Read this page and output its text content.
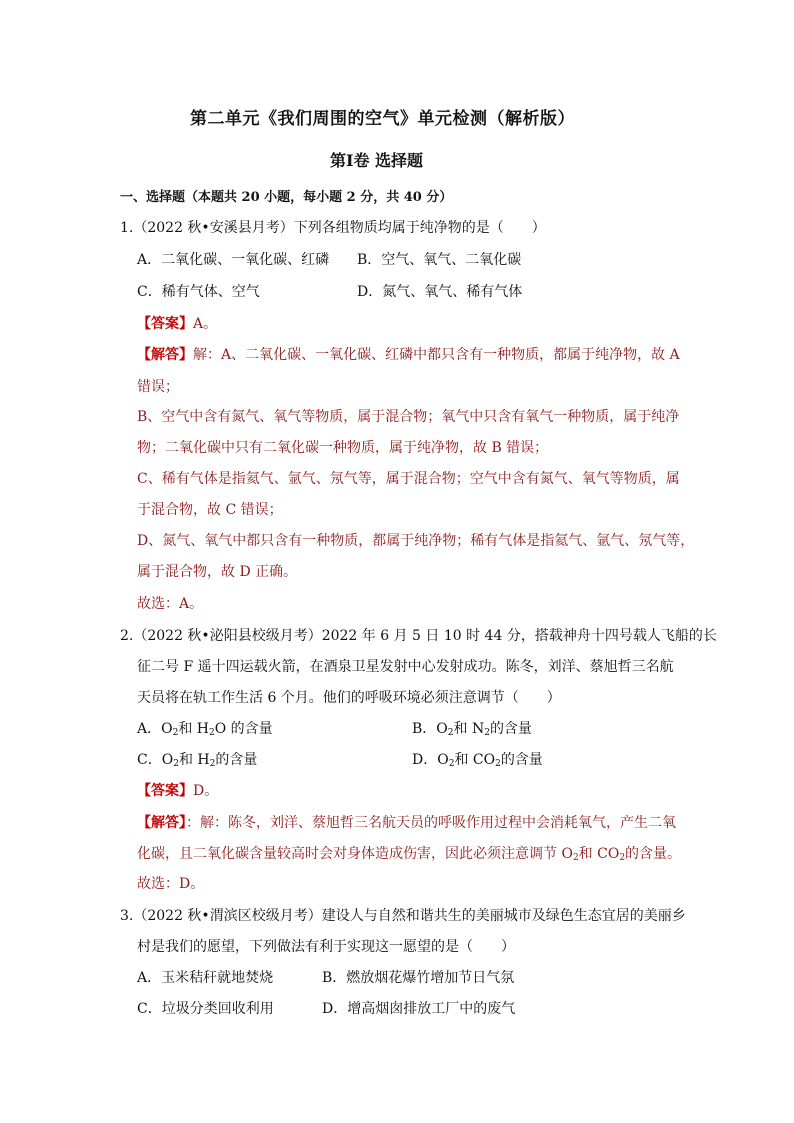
第二单元《我们周围的空气》单元检测（解析版）
第Ⅰ卷 选择题
一、选择题（本题共 20 小题，每小题 2 分，共 40 分）
1.（2022 秋•安溪县月考）下列各组物质均属于纯净物的是（　　）
A．二氧化碳、一氧化碳、红磷 B．空气、氧气、二氧化碳
C．稀有气体、空气	D．氮气、氧气、稀有气体
【答案】A。
【解答】解：A、二氧化碳、一氧化碳、红磷中都只含有一种物质，都属于纯净物，故 A
错误；
B、空气中含有氮气、氧气等物质，属于混合物；氧气中只含有氧气一种物质，属于纯净
物；二氧化碳中只有二氧化碳一种物质，属于纯净物，故 B 错误；
C、稀有气体是指氦气、氩气、氖气等，属于混合物；空气中含有氮气、氧气等物质，属
于混合物，故 C 错误；
D、氮气、氧气中都只含有一种物质，都属于纯净物；稀有气体是指氦气、氩气、氖气等，
属于混合物，故 D 正确。
故选：A。
2.（2022 秋•泌阳县校级月考）2022 年 6 月 5 日 10 时 44 分，搭载神舟十四号载人飞船的长
征二号 F 遥十四运载火箭，在酒泉卫星发射中心发射成功。陈冬，刘洋、蔡旭哲三名航
天员将在轨工作生活 6 个月。他们的呼吸环境必须注意调节（　　）
A．$O_2$和 $H_2O$ 的含量	B．$O_2$和 $N_2$的含量
C．$O_2$和 $H_2$的含量	D．$O_2$和 $CO_2$的含量
【答案】D。
【解答】：解：陈冬，刘洋、蔡旭哲三名航天员的呼吸作用过程中会消耗氧气，产生二氧
化碳，且二氧化碳含量较高时会对身体造成伤害，因此必须注意调节 $O_2$和 $CO_2$的含量。
故选：D。
3.（2022 秋•渭滨区校级月考）建设人与自然和谐共生的美丽城市及绿色生态宜居的美丽乡
村是我们的愿望，下列做法有利于实现这一愿望的是（　　）
A．玉米秸秆就地焚烧	B．燃放烟花爆竹增加节日气氛
C．垃圾分类回收利用	D．增高烟囱排放工厂中的废气
